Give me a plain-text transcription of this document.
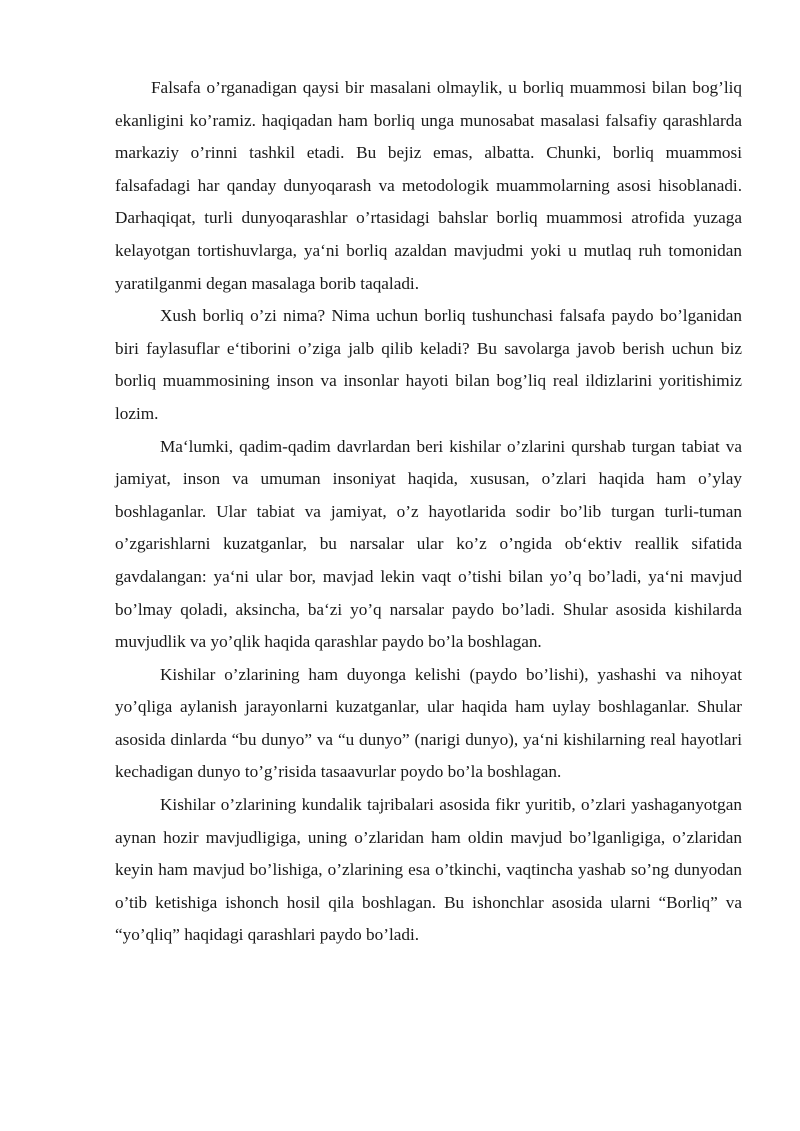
Falsafa o’rganadigan qaysi bir masalani olmaylik, u borliq muammosi bilan bog’liq ekanligini ko’ramiz. haqiqadan ham borliq unga munosabat masalasi falsafiy qarashlarda markaziy o’rinni tashkil etadi. Bu bejiz emas, albatta. Chunki, borliq muammosi falsafadagi har qanday dunyoqarash va metodologik muammolarning asosi hisoblanadi. Darhaqiqat, turli dunyoqarashlar o’rtasidagi bahslar borliq muammosi atrofida yuzaga kelayotgan tortishuvlarga, ya‘ni borliq azaldan mavjudmi yoki u mutlaq ruh tomonidan yaratilganmi degan masalaga borib taqaladi.

Xush borliq o’zi nima? Nima uchun borliq tushunchasi falsafa paydo bo’lganidan biri faylasuflar e‘tiborini o’ziga jalb qilib keladi? Bu savolarga javob berish uchun biz borliq muammosining inson va insonlar hayoti bilan bog’liq real ildizlarini yoritishimiz lozim.

Ma‘lumki, qadim-qadim davrlardan beri kishilar o’zlarini qurshab turgan tabiat va jamiyat, inson va umuman insoniyat haqida, xususan, o’zlari haqida ham o’ylay boshlaganlar. Ular tabiat va jamiyat, o’z hayotlarida sodir bo’lib turgan turli-tuman o’zgarishlarni kuzatganlar, bu narsalar ular ko’z o’ngida ob‘ektiv reallik sifatida gavdalangan: ya‘ni ular bor, mavjad lekin vaqt o’tishi bilan yo’q bo’ladi, ya‘ni mavjud bo’lmay qoladi, aksincha, ba‘zi yo’q narsalar paydo bo’ladi. Shular asosida kishilarda muvjudlik va yo’qlik haqida qarashlar paydo bo’la boshlagan.

Kishilar o’zlarining ham duyonga kelishi (paydo bo’lishi), yashashi va nihoyat yo’qliga aylanish jarayonlarni kuzatganlar, ular haqida ham uylay boshlaganlar. Shular asosida dinlarda “bu dunyo” va “u dunyo” (narigi dunyo), ya‘ni kishilarning real hayotlari kechadigan dunyo to’g’risida tasaavurlar poydo bo’la boshlagan.

Kishilar o’zlarining kundalik tajribalari asosida fikr yuritib, o’zlari yashaganyotgan aynan hozir mavjudligiga, uning o’zlaridan ham oldin mavjud bo’lganligiga, o’zlaridan keyin ham mavjud bo’lishiga, o’zlarining esa o’tkinchi, vaqtincha yashab so’ng dunyodan o’tib ketishiga ishonch hosil qila boshlagan. Bu ishonchlar asosida ularni “Borliq” va “yo’qliq” haqidagi qarashlari paydo bo’ladi.
